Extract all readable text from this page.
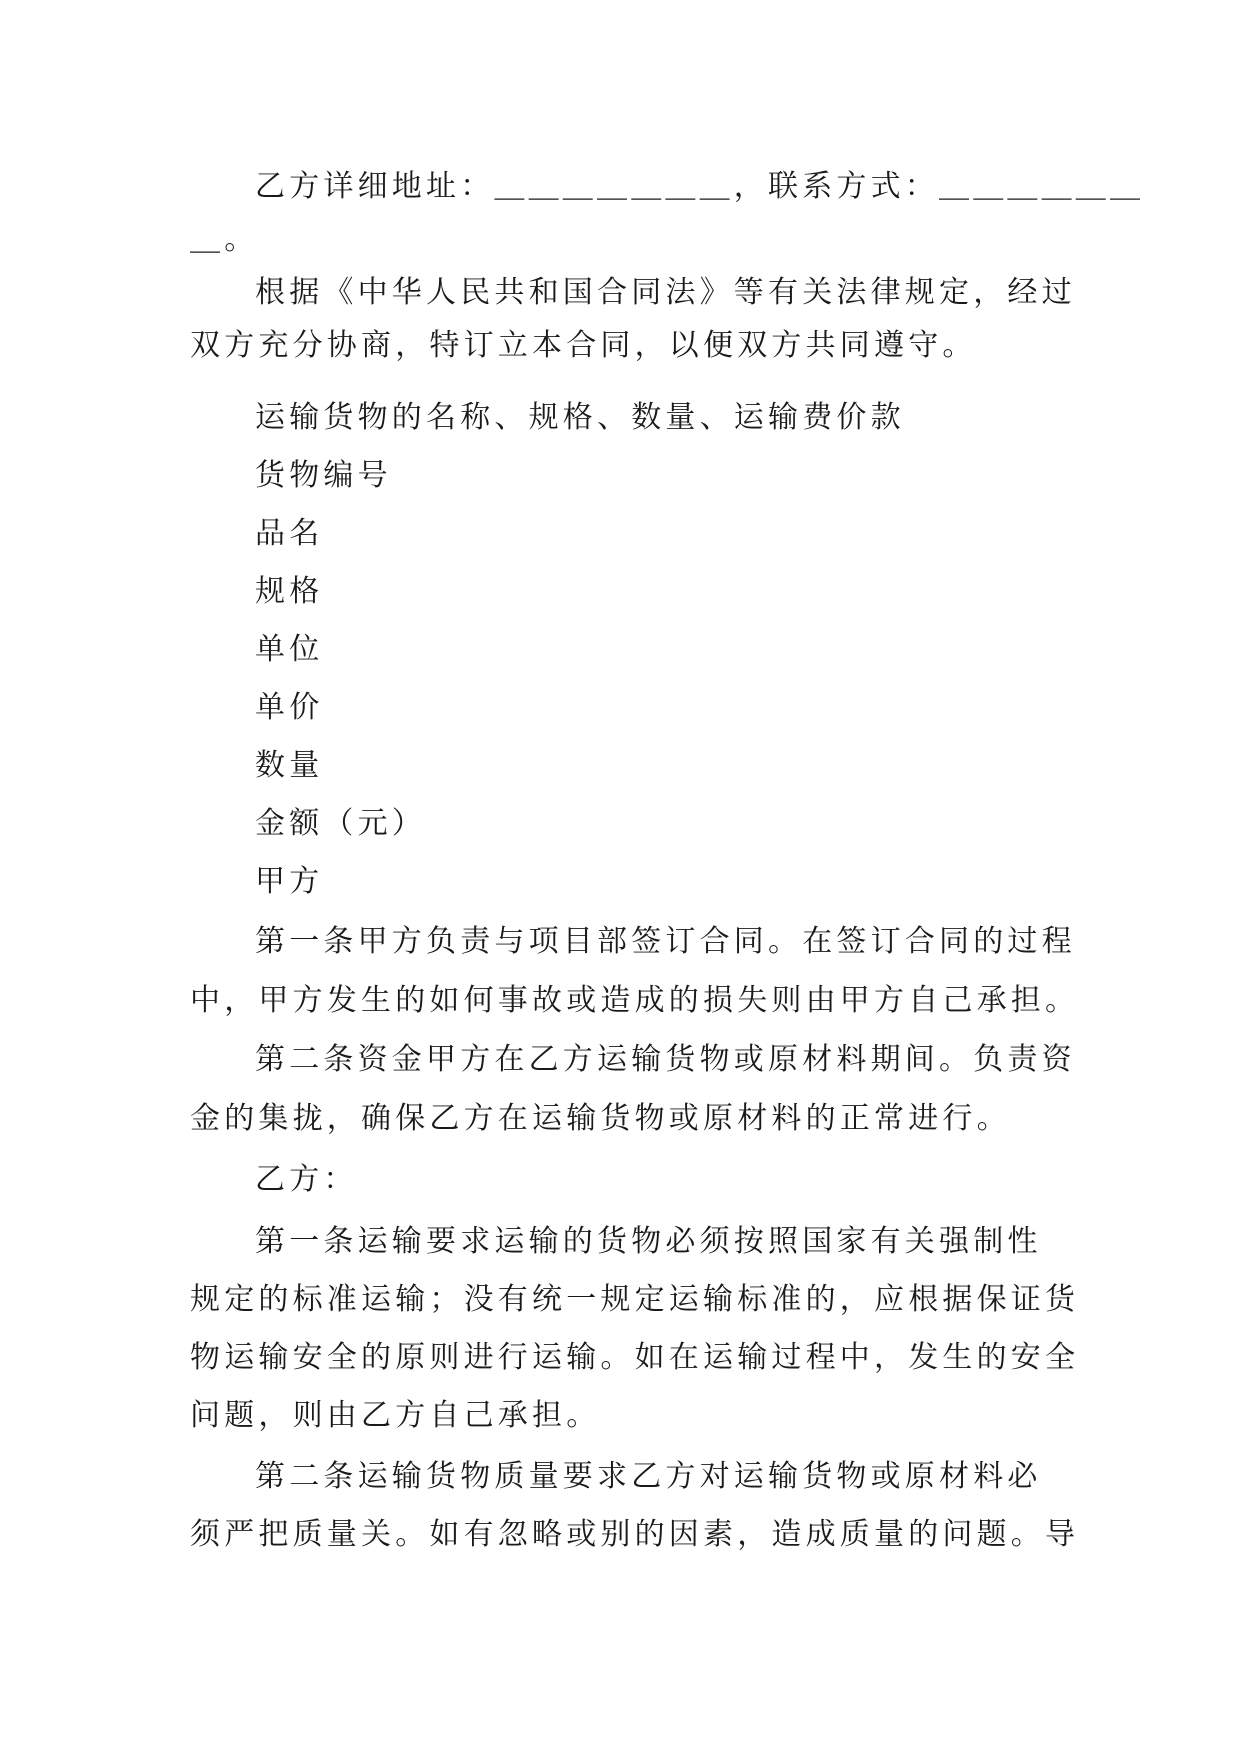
乙方详细地址：＿＿＿＿＿＿＿，联系方式：＿＿＿＿＿＿
＿。
根据《中华人民共和国合同法》等有关法律规定，经过
双方充分协商，特订立本合同，以便双方共同遵守。
运输货物的名称、规格、数量、运输费价款
货物编号
品名
规格
单位
单价
数量
金额（元）
甲方
第一条甲方负责与项目部签订合同。在签订合同的过程
中，甲方发生的如何事故或造成的损失则由甲方自己承担。
第二条资金甲方在乙方运输货物或原材料期间。负责资
金的集拢，确保乙方在运输货物或原材料的正常进行。
乙方：
第一条运输要求运输的货物必须按照国家有关强制性
规定的标准运输；没有统一规定运输标准的，应根据保证货
物运输安全的原则进行运输。如在运输过程中，发生的安全
问题，则由乙方自己承担。
第二条运输货物质量要求乙方对运输货物或原材料必
须严把质量关。如有忽略或别的因素，造成质量的问题。导
